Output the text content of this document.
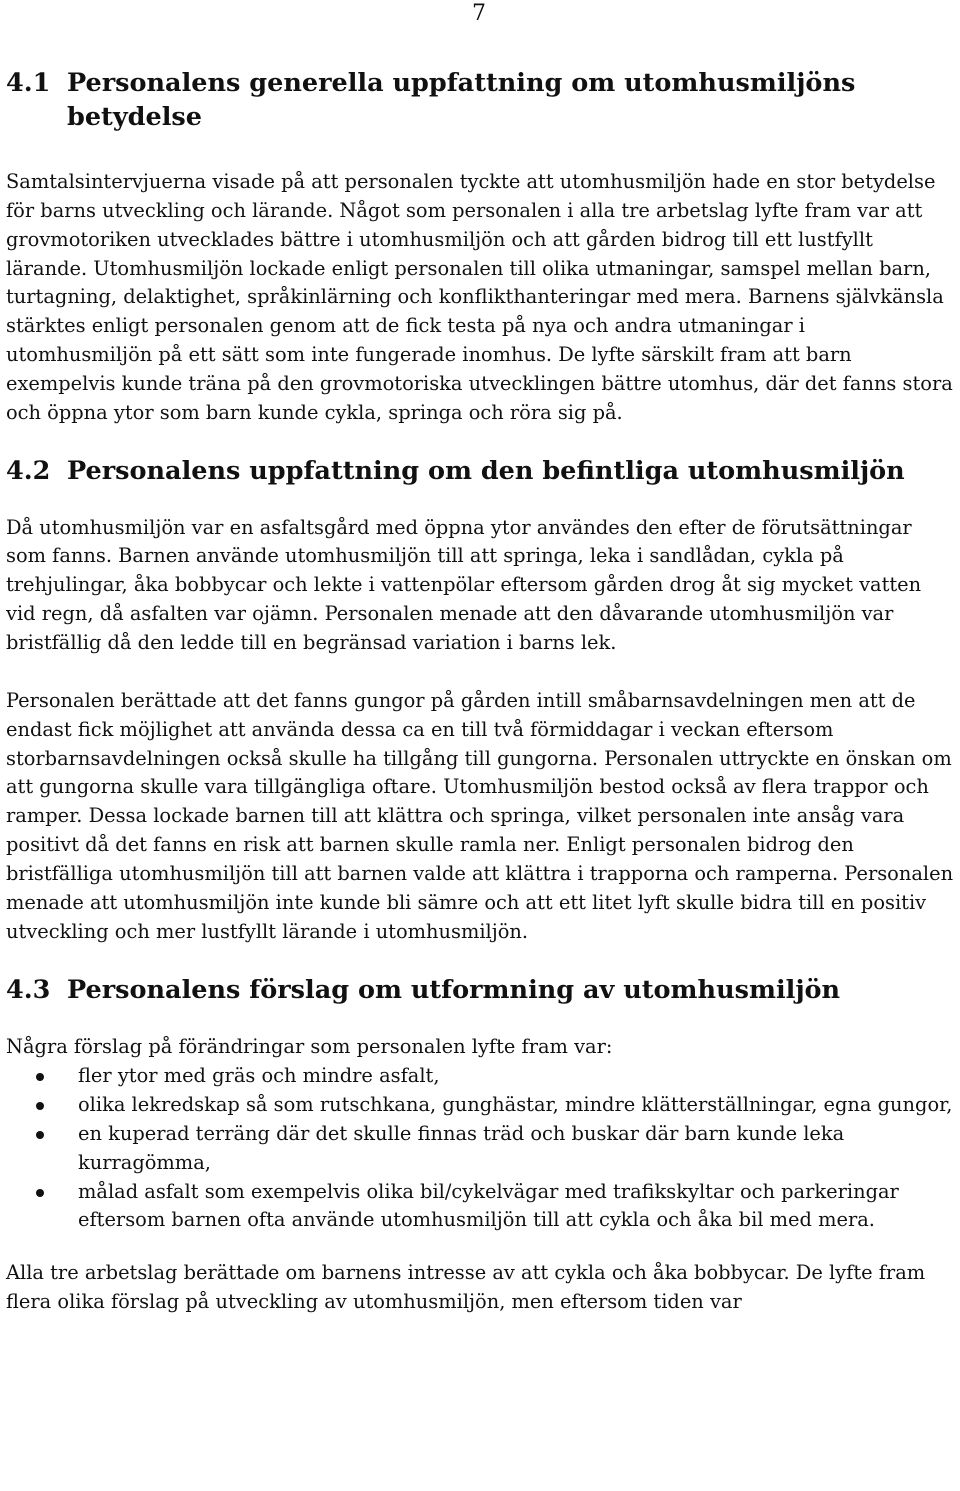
7
4.1 Personalens generella uppfattning om utomhusmiljöns betydelse

Samtalsintervjuerna visade på att personalen tyckte att utomhusmiljön hade en stor betydelse för barns utveckling och lärande. Något som personalen i alla tre arbetslag lyfte fram var att grovmotoriken utvecklades bättre i utomhusmiljön och att gården bidrog till ett lustfyllt lärande. Utomhusmiljön lockade enligt personalen till olika utmaningar, samspel mellan barn, turtagning, delaktighet, språkinlärning och konflikthanteringar med mera. Barnens självkänsla stärktes enligt personalen genom att de fick testa på nya och andra utmaningar i utomhusmiljön på ett sätt som inte fungerade inomhus. De lyfte särskilt fram att barn exempelvis kunde träna på den grovmotoriska utvecklingen bättre utomhus, där det fanns stora och öppna ytor som barn kunde cykla, springa och röra sig på.

4.2 Personalens uppfattning om den befintliga utomhusmiljön

Då utomhusmiljön var en asfaltsgård med öppna ytor användes den efter de förutsättningar som fanns. Barnen använde utomhusmiljön till att springa, leka i sandlådan, cykla på trehjulingar, åka bobbycar och lekte i vattenpölar eftersom gården drog åt sig mycket vatten vid regn, då asfalten var ojämn. Personalen menade att den dåvarande utomhusmiljön var bristfällig då den ledde till en begränsad variation i barns lek.

Personalen berättade att det fanns gungor på gården intill småbarnsavdelningen men att de endast fick möjlighet att använda dessa ca en till två förmiddagar i veckan eftersom storbarnsavdelningen också skulle ha tillgång till gungorna. Personalen uttryckte en önskan om att gungorna skulle vara tillgängliga oftare. Utomhusmiljön bestod också av flera trappor och ramper. Dessa lockade barnen till att klättra och springa, vilket personalen inte ansåg vara positivt då det fanns en risk att barnen skulle ramla ner. Enligt personalen bidrog den bristfälliga utomhusmiljön till att barnen valde att klättra i trapporna och ramperna. Personalen menade att utomhusmiljön inte kunde bli sämre och att ett litet lyft skulle bidra till en positiv utveckling och mer lustfyllt lärande i utomhusmiljön.

4.3 Personalens förslag om utformning av utomhusmiljön

Några förslag på förändringar som personalen lyfte fram var:

fler ytor med gräs och mindre asfalt,
olika lekredskap så som rutschkana, gunghästar, mindre klätterställningar, egna gungor,
en kuperad terräng där det skulle finnas träd och buskar där barn kunde leka kurragömma,
målad asfalt som exempelvis olika bil/cykelvägar med trafikskyltar och parkeringar eftersom barnen ofta använde utomhusmiljön till att cykla och åka bil med mera.

Alla tre arbetslag berättade om barnens intresse av att cykla och åka bobbycar. De lyfte fram flera olika förslag på utveckling av utomhusmiljön, men eftersom tiden var
